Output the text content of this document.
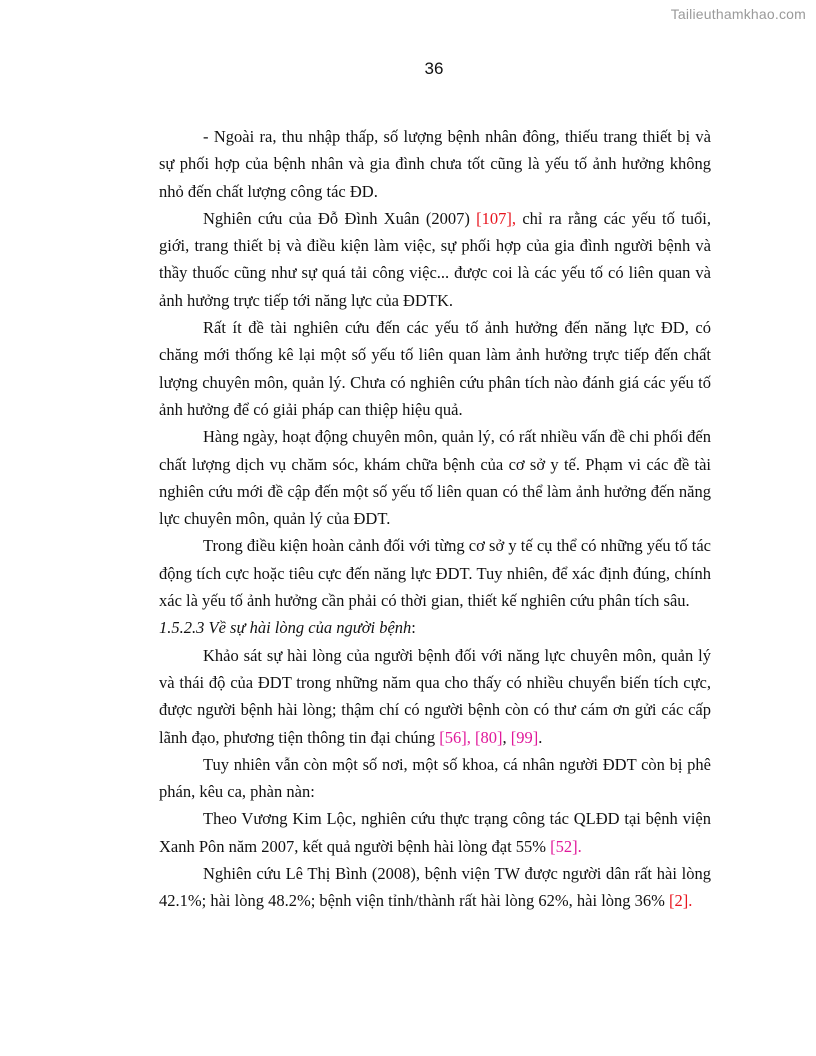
Tailieuthamkhao.com
36

- Ngoài ra, thu nhập thấp, số lượng bệnh nhân đông, thiếu trang thiết bị và sự phối hợp của bệnh nhân và gia đình chưa tốt cũng là yếu tố ảnh hưởng không nhỏ đến chất lượng công tác ĐD.

Nghiên cứu của Đỗ Đình Xuân (2007) [107], chỉ ra rằng các yếu tố tuổi, giới, trang thiết bị và điều kiện làm việc, sự phối hợp của gia đình người bệnh và thầy thuốc cũng như sự quá tải công việc... được coi là các yếu tố có liên quan và ảnh hưởng trực tiếp tới năng lực của ĐDTK.

Rất ít đề tài nghiên cứu đến các yếu tố ảnh hưởng đến năng lực ĐD, có chăng mới thống kê lại một số yếu tố liên quan làm ảnh hưởng trực tiếp đến chất lượng chuyên môn, quản lý. Chưa có nghiên cứu phân tích nào đánh giá các yếu tố ảnh hưởng để có giải pháp can thiệp hiệu quả.

Hàng ngày, hoạt động chuyên môn, quản lý, có rất nhiều vấn đề chi phối đến chất lượng dịch vụ chăm sóc, khám chữa bệnh của cơ sở y tế. Phạm vi các đề tài nghiên cứu mới đề cập đến một số yếu tố liên quan có thể làm ảnh hưởng đến năng lực chuyên môn, quản lý của ĐDT.

Trong điều kiện hoàn cảnh đối với từng cơ sở y tế cụ thể có những yếu tố tác động tích cực hoặc tiêu cực đến năng lực ĐDT. Tuy nhiên, để xác định đúng, chính xác là yếu tố ảnh hưởng cần phải có thời gian, thiết kế nghiên cứu phân tích sâu.

1.5.2.3 Về sự hài lòng của người bệnh:

Khảo sát sự hài lòng của người bệnh đối với năng lực chuyên môn, quản lý và thái độ của ĐDT trong những năm qua cho thấy có nhiều chuyển biến tích cực, được người bệnh hài lòng; thậm chí có người bệnh còn có thư cám ơn gửi các cấp lãnh đạo, phương tiện thông tin đại chúng [56], [80], [99].

Tuy nhiên vẫn còn một số nơi, một số khoa, cá nhân người ĐDT còn bị phê phán, kêu ca, phàn nàn:

Theo Vương Kim Lộc, nghiên cứu thực trạng công tác QLĐD tại bệnh viện Xanh Pôn năm 2007, kết quả người bệnh hài lòng đạt 55% [52].

Nghiên cứu Lê Thị Bình (2008), bệnh viện TW được người dân rất hài lòng 42.1%; hài lòng 48.2%; bệnh viện tỉnh/thành rất hài lòng 62%, hài lòng 36% [2].
